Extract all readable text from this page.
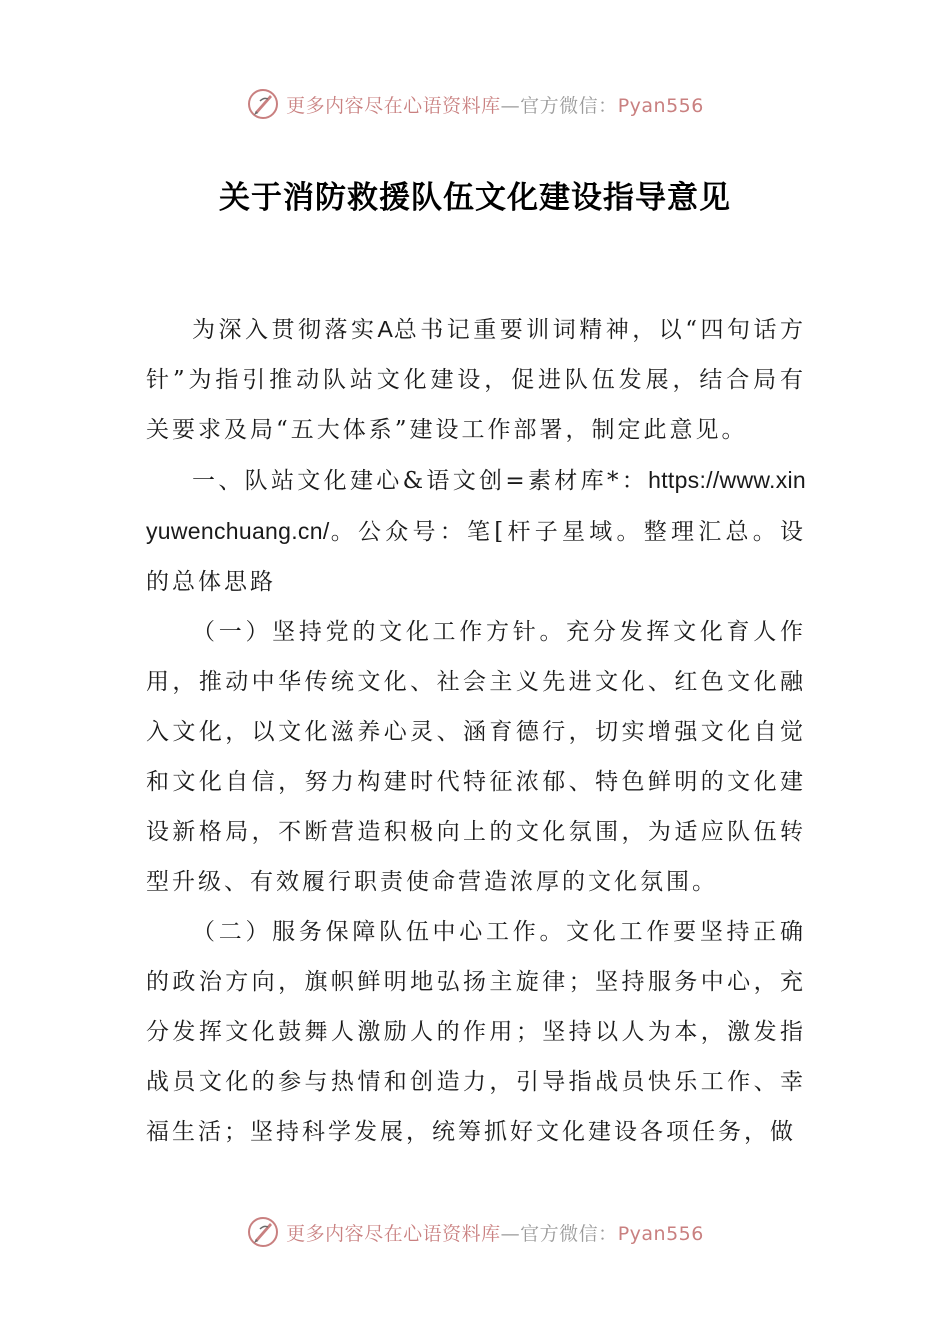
更多内容尽在心语资料库—官方微信：Pyan556
关于消防救援队伍文化建设指导意见

为深入贯彻落实A总书记重要训词精神，以“四句话方针”为指引推动队站文化建设，促进队伍发展，结合局有关要求及局“五大体系”建设工作部署，制定此意见。

一、队站文化建心&语文创=素材库*：https://www.xinyuwenchuang.cn/。公众号：笔[杆子星域。整理汇总。设的总体思路

（一）坚持党的文化工作方针。充分发挥文化育人作用，推动中华传统文化、社会主义先进文化、红色文化融入文化，以文化滋养心灵、涵育德行，切实增强文化自觉和文化自信，努力构建时代特征浓郁、特色鲜明的文化建设新格局，不断营造积极向上的文化氛围，为适应队伍转型升级、有效履行职责使命营造浓厚的文化氛围。

（二）服务保障队伍中心工作。文化工作要坚持正确的政治方向，旗帜鲜明地弘扬主旋律；坚持服务中心，充分发挥文化鼓舞人激励人的作用；坚持以人为本，激发指战员文化的参与热情和创造力，引导指战员快乐工作、幸福生活；坚持科学发展，统筹抓好文化建设各项任务，做

更多内容尽在心语资料库—官方微信：Pyan556
